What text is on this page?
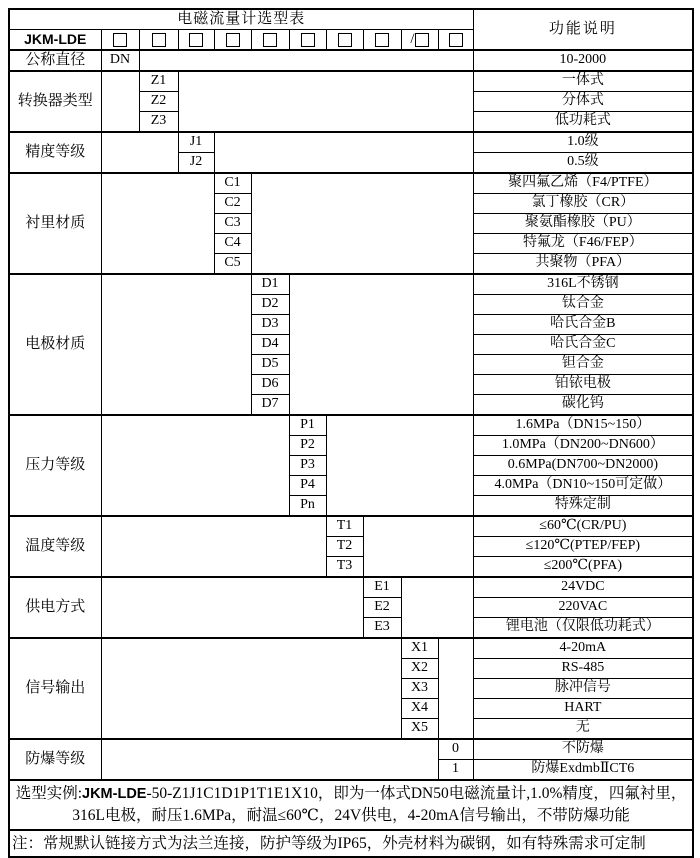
电磁流量计选型表											功能说明
JKM-LDE									/		
公称直径	DN										10-2000
转换器类型		Z1									一体式
		Z2									分体式
		Z3									低功耗式
精度等级			J1								1.0级
			J2								0.5级
衬里材质				C1							聚四氟乙烯（F4/PTFE）
				C2							氯丁橡胶（CR）
				C3							聚氨酯橡胶（PU）
				C4							特氟龙（F46/FEP）
				C5							共聚物（PFA）
电极材质					D1						316L不锈钢
					D2						钛合金
					D3						哈氏合金B
					D4						哈氏合金C
					D5						钽合金
					D6						铂铱电极
					D7						碳化钨
压力等级						P1					1.6MPa（DN15~150）
						P2					1.0MPa（DN200~DN600）
						P3					0.6MPa(DN700~DN2000)
						P4					4.0MPa（DN10~150可定做）
						Pn					特殊定制
温度等级							T1				≤60℃(CR/PU)
							T2				≤120℃(PTEP/FEP)
							T3				≤200℃(PFA)
供电方式								E1			24VDC
								E2			220VAC
								E3			锂电池（仅限低功耗式）
信号输出									X1		4-20mA
									X2		RS-485
									X3		脉冲信号
									X4		HART
									X5		无
防爆等级										0	不防爆
										1	防爆ExdmbⅡCT6
选型实例:JKM-LDE-50-Z1J1C1D1P1T1E1X10，即为一体式DN50电磁流量计,1.0%精度，四氟衬里，316L电极，耐压1.6MPa，耐温≤60℃，24V供电，4-20mA信号输出，不带防爆功能											
注：常规默认链接方式为法兰连接，防护等级为IP65，外壳材料为碳钢，如有特殊需求可定制											
